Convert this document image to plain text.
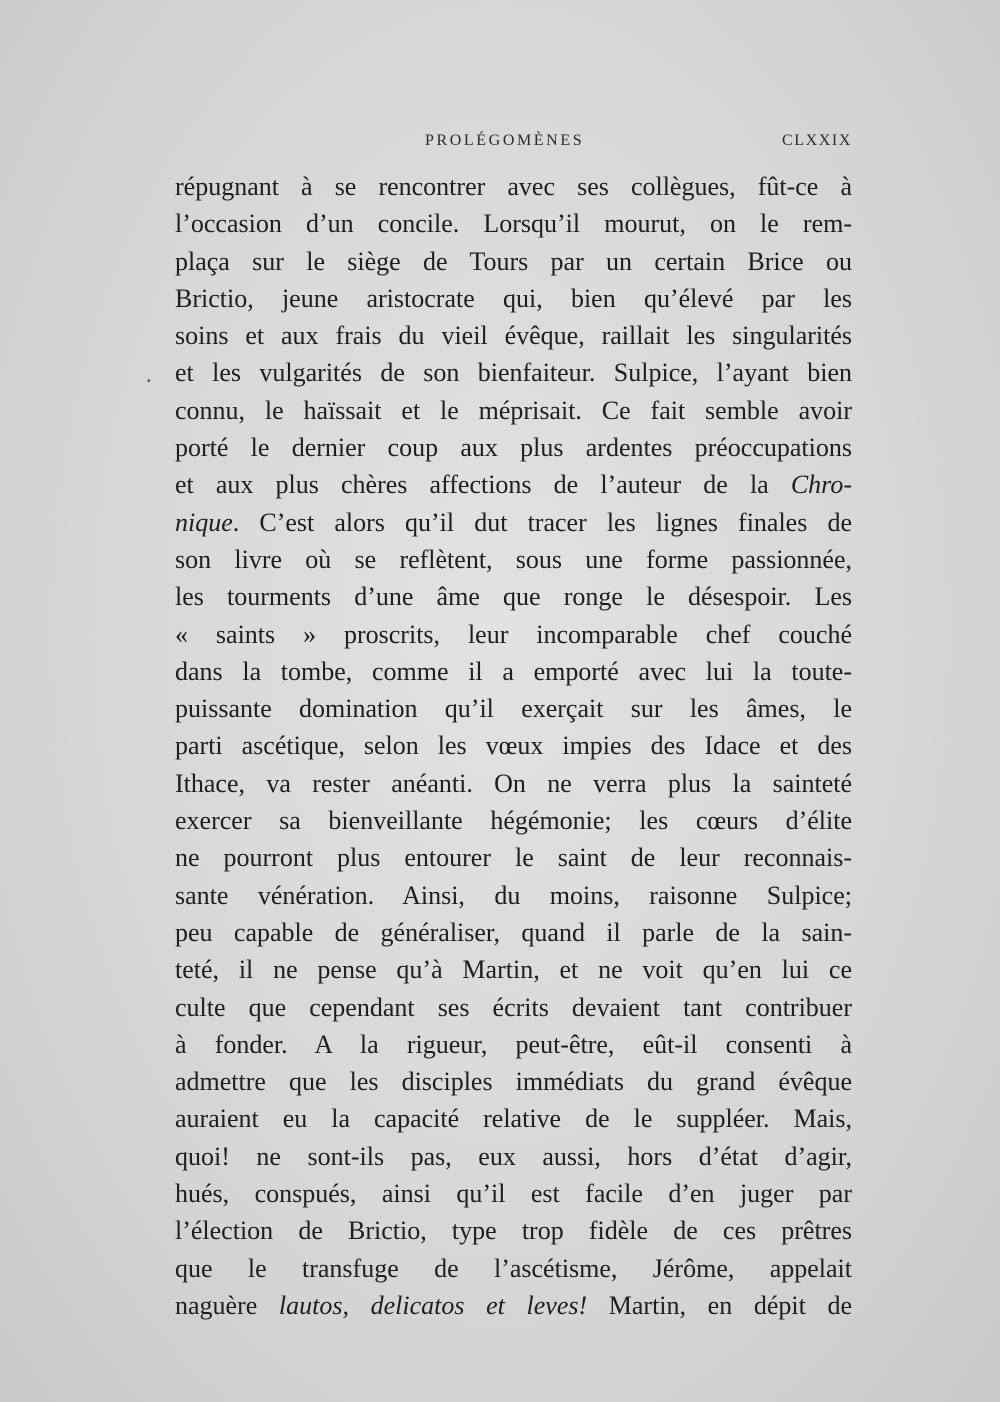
PROLÉGOMÈNES	CLXXIX
.
répugnant à se rencontrer avec ses collègues, fût-ce à
l’occasion d’un concile. Lorsqu’il mourut, on le rem-
plaça sur le siège de Tours par un certain Brice ou
Brictio, jeune aristocrate qui, bien qu’élevé par les
soins et aux frais du vieil évêque, raillait les singularités
et les vulgarités de son bienfaiteur. Sulpice, l’ayant bien
connu, le haïssait et le méprisait. Ce fait semble avoir
porté le dernier coup aux plus ardentes préoccupations
et aux plus chères affections de l’auteur de la Chro-
nique. C’est alors qu’il dut tracer les lignes finales de
son livre où se reflètent, sous une forme passionnée,
les tourments d’une âme que ronge le désespoir. Les
« saints » proscrits, leur incomparable chef couché
dans la tombe, comme il a emporté avec lui la toute-
puissante domination qu’il exerçait sur les âmes, le
parti ascétique, selon les vœux impies des Idace et des
Ithace, va rester anéanti. On ne verra plus la sainteté
exercer sa bienveillante hégémonie; les cœurs d’élite
ne pourront plus entourer le saint de leur reconnais-
sante vénération. Ainsi, du moins, raisonne Sulpice;
peu capable de généraliser, quand il parle de la sain-
teté, il ne pense qu’à Martin, et ne voit qu’en lui ce
culte que cependant ses écrits devaient tant contribuer
à fonder. A la rigueur, peut-être, eût-il consenti à
admettre que les disciples immédiats du grand évêque
auraient eu la capacité relative de le suppléer. Mais,
quoi! ne sont-ils pas, eux aussi, hors d’état d’agir,
hués, conspués, ainsi qu’il est facile d’en juger par
l’élection de Brictio, type trop fidèle de ces prêtres
que le transfuge de l’ascétisme, Jérôme, appelait
naguère lautos, delicatos et leves! Martin, en dépit de
